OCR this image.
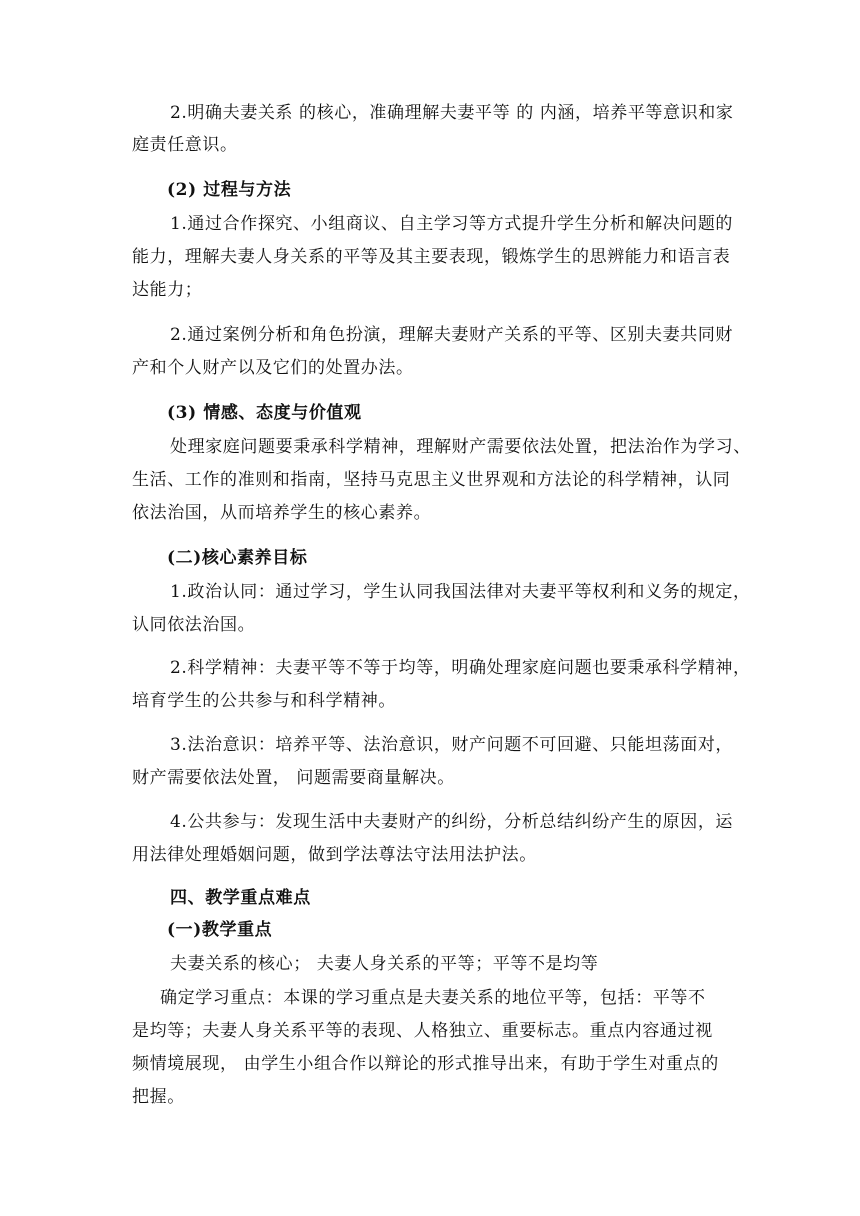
2.明确夫妻关系 的核心，准确理解夫妻平等 的 内涵，培养平等意识和家
庭责任意识。
(2) 过程与方法
1.通过合作探究、小组商议、自主学习等方式提升学生分析和解决问题的
能力，理解夫妻人身关系的平等及其主要表现，锻炼学生的思辨能力和语言表
达能力；
2.通过案例分析和角色扮演，理解夫妻财产关系的平等、区别夫妻共同财
产和个人财产以及它们的处置办法。
(3) 情感、态度与价值观
处理家庭问题要秉承科学精神，理解财产需要依法处置，把法治作为学习、
生活、工作的准则和指南，坚持马克思主义世界观和方法论的科学精神，认同
依法治国，从而培养学生的核心素养。
(二)核心素养目标
1.政治认同：通过学习，学生认同我国法律对夫妻平等权利和义务的规定，
认同依法治国。
2.科学精神：夫妻平等不等于均等，明确处理家庭问题也要秉承科学精神，
培育学生的公共参与和科学精神。
3.法治意识：培养平等、法治意识，财产问题不可回避、只能坦荡面对，
财产需要依法处置， 问题需要商量解决。
4.公共参与：发现生活中夫妻财产的纠纷，分析总结纠纷产生的原因，运
用法律处理婚姻问题，做到学法尊法守法用法护法。
四、教学重点难点
(一)教学重点
夫妻关系的核心； 夫妻人身关系的平等；平等不是均等
确定学习重点：本课的学习重点是夫妻关系的地位平等，包括：平等不
是均等；夫妻人身关系平等的表现、人格独立、重要标志。重点内容通过视
频情境展现， 由学生小组合作以辩论的形式推导出来，有助于学生对重点的
把握。
